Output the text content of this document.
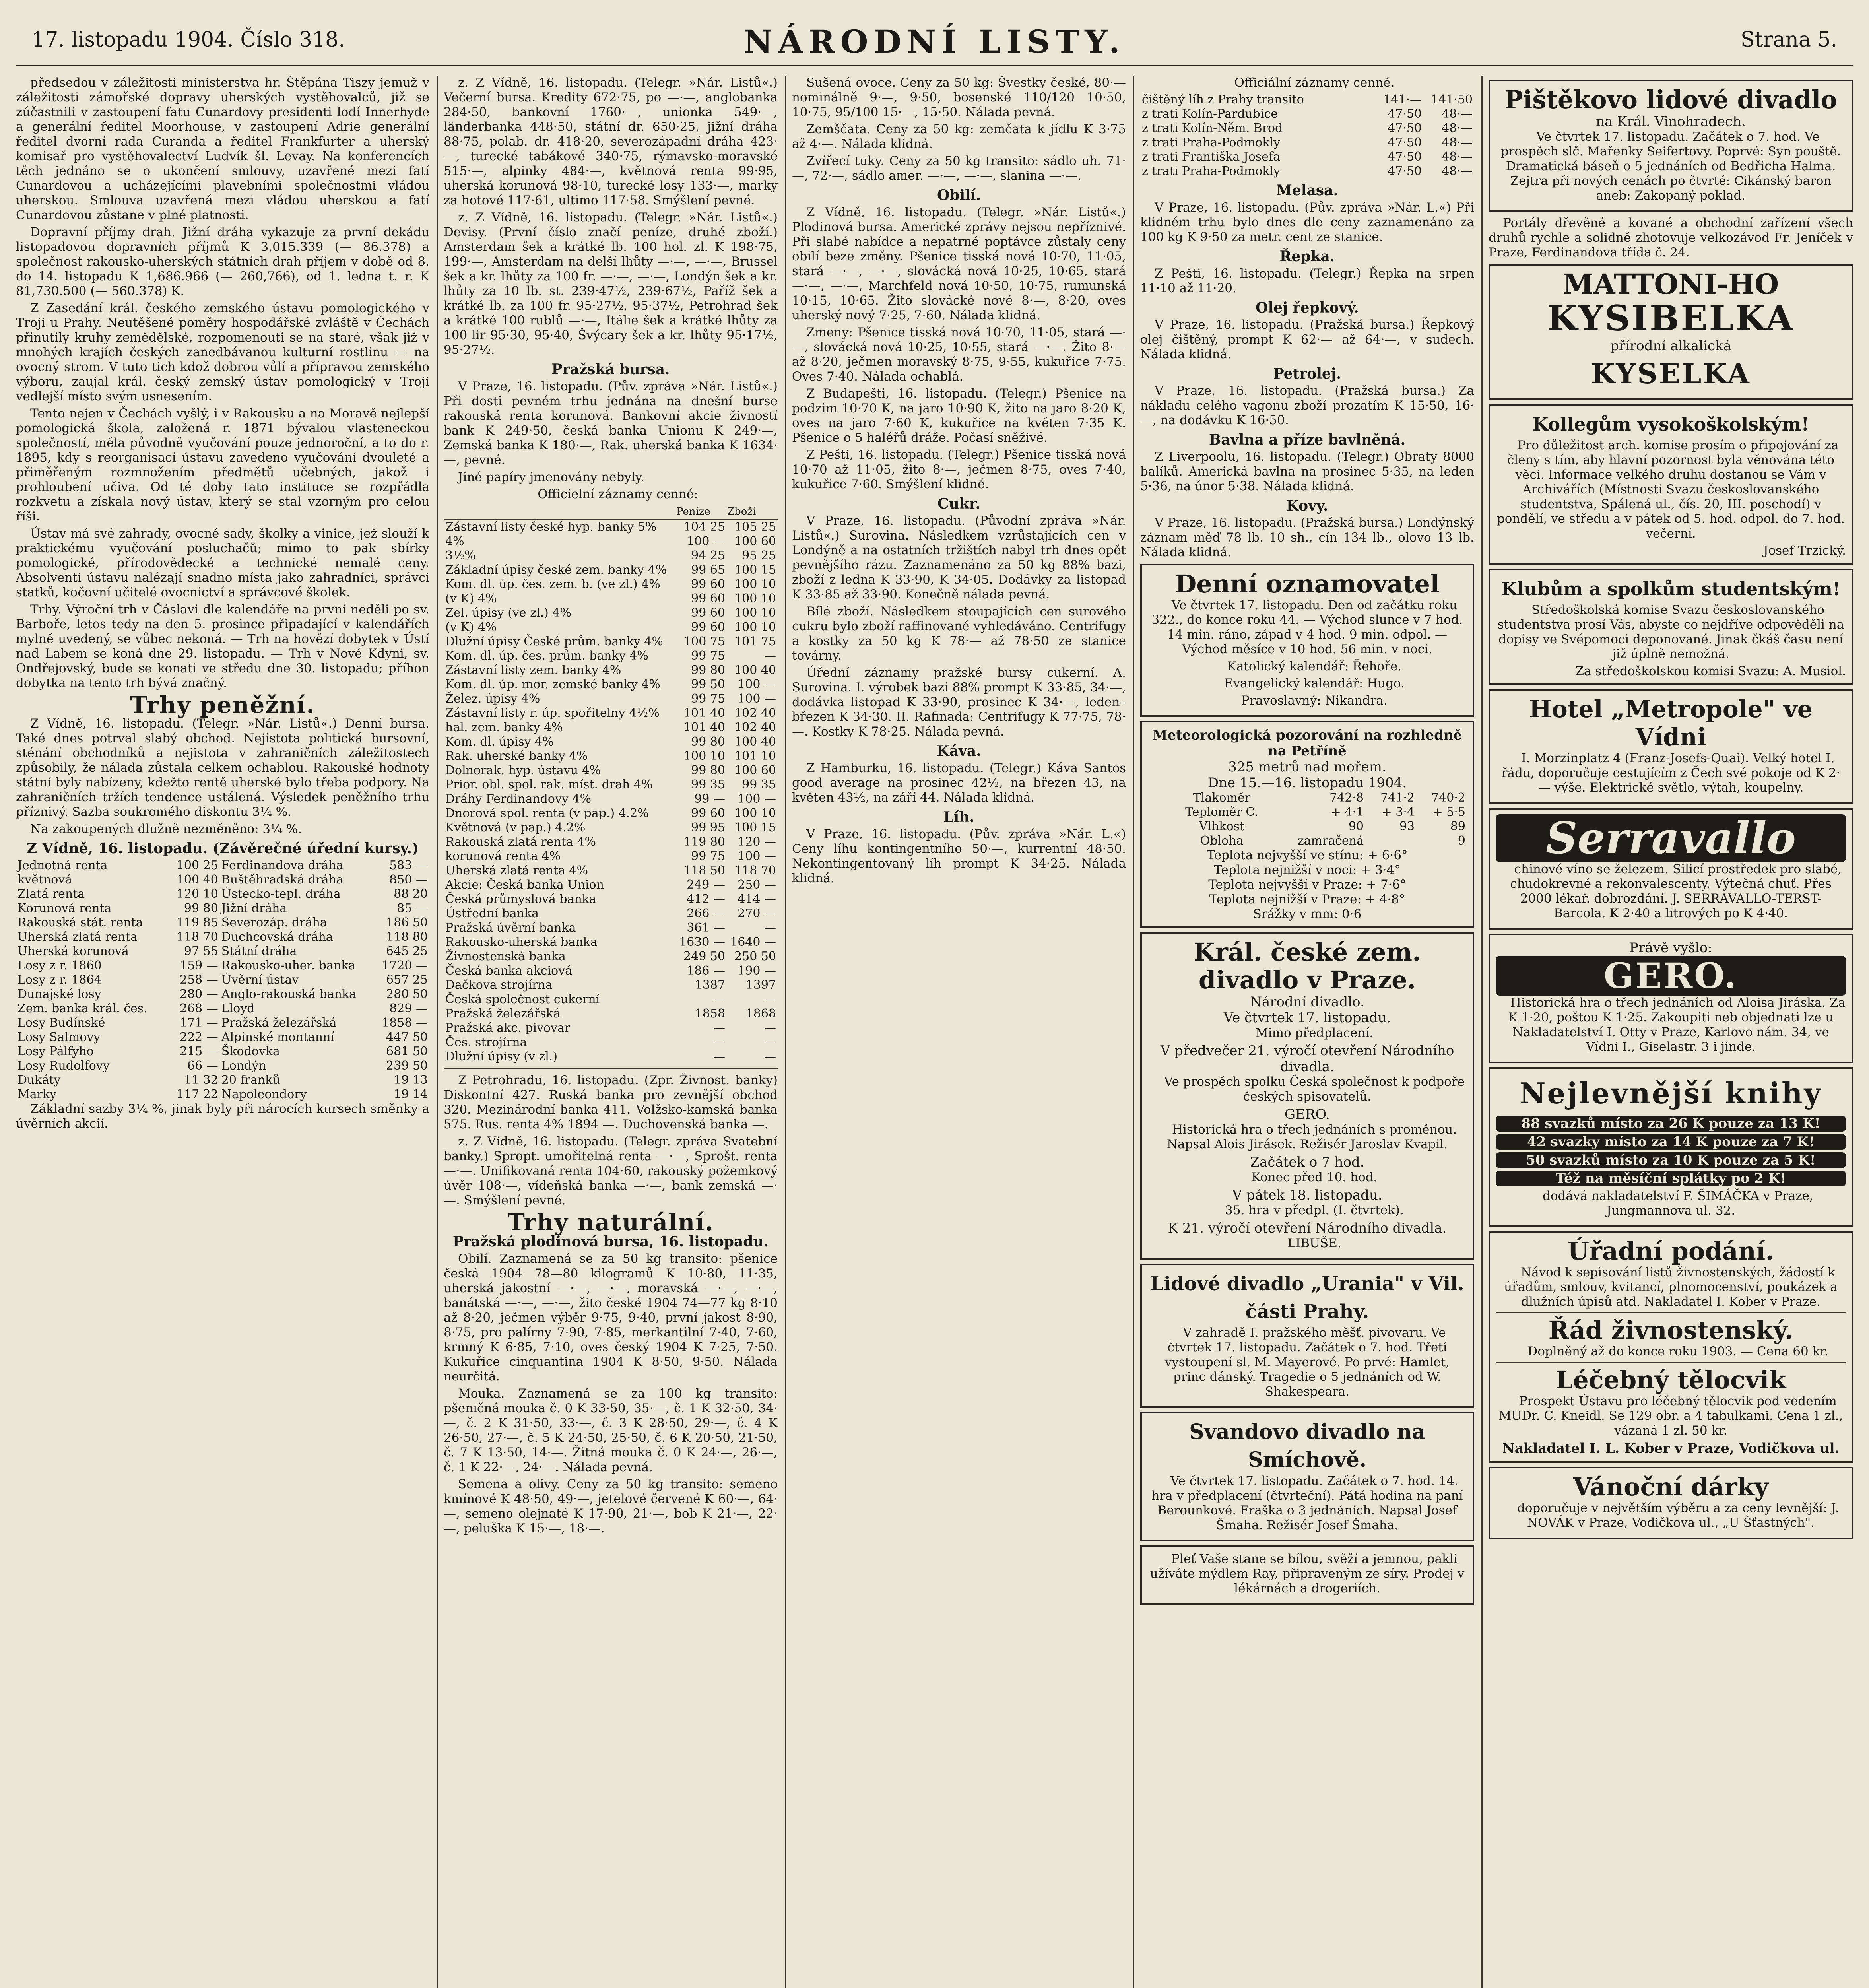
17. listopadu 1904. Číslo 318.	NÁRODNÍ LISTY.	Strana 5.

předsedou v záležitosti ministerstva hr. Štěpána Tiszy jemuž v záležitosti zámořské dopravy uherských vystěhovalců, již se zúčastnili v zastoupení fatu Cunardovy presidenti lodí Innerhyde a generální ředitel Moorhouse, v zastoupení Adrie generální ředitel dvorní rada Curanda a ředitel Frankfurter a uherský komisař pro vystěhovalectví Ludvík šl. Levay. Na konferencích těch jednáno se o ukončení smlouvy, uzavřené mezi fatí Cunardovou a ucházejícími plavebními společnostmi vládou uherskou. Smlouva uzavřená mezi vládou uherskou a fatí Cunardovou zůstane v plné platnosti.

Dopravní příjmy drah. Jižní dráha vykazuje za první dekádu listopadovou dopravních příjmů K 3,015.339 (— 86.378) a společnost rakousko-uherských státních drah příjem v době od 8. do 14. listopadu K 1,686.966 (— 260,766), od 1. ledna t. r. K 81,730.500 (— 560.378) K.

Z Zasedání král. českého zemského ústavu pomologického v Troji u Prahy. Neutěšené poměry hospodářské zvláště v Čechách přinutily kruhy zemědělské, rozpomenouti se na staré, však již v mnohých krajích českých zanedbávanou kulturní rostlinu — na ovocný strom. V tuto tich kdož dobrou vůlí a přípravou zemského výboru, zaujal král. český zemský ústav pomologický v Troji vedlejší místo svým usnesením.

Tento nejen v Čechách vyšlý, i v Rakousku a na Moravě nejlepší pomologická škola, založená r. 1871 bývalou vlasteneckou společností, měla původně vyučování pouze jednoroční, a to do r. 1895, kdy s reorganisací ústavu zavedeno vyučování dvouleté a přiměřeným rozmnožením předmětů učebných, jakož i prohloubení učiva. Od té doby tato instituce se rozpřádla rozkvetu a získala nový ústav, který se stal vzorným pro celou říši.

Ústav má své zahrady, ovocné sady, školky a vinice, jež slouží k praktickému vyučování posluchačů; mimo to pak sbírky pomologické, přírodovědecké a technické nemalé ceny. Absolventi ústavu nalézají snadno místa jako zahradníci, správci statků, kočovní učitelé ovocnictví a správcové školek.

Trhy. Výroční trh v Čáslavi dle kalendáře na první neděli po sv. Barboře, letos tedy na den 5. prosince připadající v kalendářích mylně uvedený, se vůbec nekoná. — Trh na hovězí dobytek v Ústí nad Labem se koná dne 29. listopadu. — Trh v Nové Kdyni, sv. Ondřejovský, bude se konati ve středu dne 30. listopadu; příhon dobytka na tento trh bývá značný.

Trhy peněžní.

Z Vídně, 16. listopadu. (Telegr. »Nár. Listů«.) Denní bursa. Také dnes potrval slabý obchod. Nejistota politická bursovní, sténání obchodníků a nejistota v zahraničních záležitostech způsobily, že nálada zůstala celkem ochablou. Rakouské hodnoty státní byly nabízeny, kdežto rentě uherské bylo třeba podpory. Na zahraničních tržích tendence ustálená. Výsledek peněžního trhu příznivý. Sazba soukromého diskontu 3¼ %.

Na zakoupených dlužně nezměněno: 3¼ %.

Z Vídně, 16. listopadu. (Závěrečné úřední kursy.)
Jednotná renta	100 25	Ferdinandova dráha	583 —
květnová	100 40	Buštěhradská dráha	850 —
Zlatá renta	120 10	Ústecko-tepl. dráha	88 20
Korunová renta	99 80	Jižní dráha	85 —
Rakouská stát. renta	119 85	Severozáp. dráha	186 50
Uherská zlatá renta	118 70	Duchcovská dráha	118 80
Uherská korunová	97 55	Státní dráha	645 25
Losy z r. 1860	159 —	Rakousko-uher. banka	1720 —
Losy z r. 1864	258 —	Úvěrní ústav	657 25
Dunajské losy	280 —	Anglo-rakouská banka	280 50
Zem. banka král. čes.	268 —	Lloyd	829 —
Losy Budínské	171 —	Pražská železářská	1858 —
Losy Salmovy	222 —	Alpinské montanní	447 50
Losy Pálfyho	215 —	Škodovka	681 50
Losy Rudolfovy	66 —	Londýn	239 50
Dukáty	11 32	20 franků	19 13
Marky	117 22	Napoleondory	19 14

Základní sazby 3¼ %, jinak byly při nárocích kursech směnky a úvěrních akcií.

z. Z Vídně, 16. listopadu. (Telegr. »Nár. Listů«.) Večerní bursa. Kredity 672·75, po —·—, anglobanka 284·50, bankovní 1760·—, unionka 549·—, länderbanka 448·50, státní dr. 650·25, jižní dráha 88·75, polab. dr. 418·20, severozápadní dráha 423·—, turecké tabákové 340·75, rýmavsko-moravské 515·—, alpinky 484·—, květnová renta 99·95, uherská korunová 98·10, turecké losy 133·—, marky za hotové 117·61, ultimo 117·58. Smýšlení pevné.

z. Z Vídně, 16. listopadu. (Telegr. »Nár. Listů«.) Devisy. (První číslo značí peníze, druhé zboží.) Amsterdam šek a krátké lb. 100 hol. zl. K 198·75, 199·—, Amsterdam na delší lhůty —·—, —·—, Brussel šek a kr. lhůty za 100 fr. —·—, —·—, Londýn šek a kr. lhůty za 10 lb. st. 239·47½, 239·67½, Paříž šek a krátké lb. za 100 fr. 95·27½, 95·37½, Petrohrad šek a krátké 100 rublů —·—, Itálie šek a krátké lhůty za 100 lir 95·30, 95·40, Švýcary šek a kr. lhůty 95·17½, 95·27½.

Pražská bursa.

V Praze, 16. listopadu. (Pův. zpráva »Nár. Listů«.) Při dosti pevném trhu jednána na dnešní burse rakouská renta korunová. Bankovní akcie živností bank K 249·50, česká banka Unionu K 249·—, Zemská banka K 180·—, Rak. uherská banka K 1634·—, pevné.

Jiné papíry jmenovány nebyly.

Officielní záznamy cenné:

	Peníze	Zboží
Zástavní listy české hyp. banky 5%	104 25	105 25
4%	100 —	100 60
3½%	94 25	95 25
Základní úpisy české zem. banky 4%	99 65	100 15
Kom. dl. úp. čes. zem. b. (ve zl.) 4%	99 60	100 10
(v K) 4%	99 60	100 10
Zel. úpisy (ve zl.) 4%	99 60	100 10
(v K) 4%	99 60	100 10
Dlužní úpisy České prům. banky 4%	100 75	101 75
Kom. dl. úp. čes. prům. banky 4%	99 75	—
Zástavní listy zem. banky 4%	99 80	100 40
Kom. dl. úp. mor. zemské banky 4%	99 50	100 —
Želez. úpisy 4%	99 75	100 —
Zástavní listy r. úp. spořitelny 4½%	101 40	102 40
hal. zem. banky 4%	101 40	102 40
Kom. dl. úpisy 4%	99 80	100 40
Rak. uherské banky 4%	100 10	101 10
Dolnorak. hyp. ústavu 4%	99 80	100 60
Prior. obl. spol. rak. míst. drah 4%	99 35	99 35
Dráhy Ferdinandovy 4%	99 —	100 —
Dnorová spol. renta (v pap.) 4.2%	99 60	100 10
Květnová (v pap.) 4.2%	99 95	100 15
Rakouská zlatá renta 4%	119 80	120 —
korunová renta 4%	99 75	100 —
Uherská zlatá renta 4%	118 50	118 70
Akcie: Česká banka Union	249 —	250 —
Česká průmyslová banka	412 —	414 —
Ústřední banka	266 —	270 —
Pražská úvěrní banka	361 —	—
Rakousko-uherská banka	1630 —	1640 —
Živnostenská banka	249 50	250 50
Česká banka akciová	186 —	190 —
Dačkova strojírna	1387	1397
Česká společnost cukerní	—	—
Pražská železářská	1858	1868
Pražská akc. pivovar	—	—
Čes. strojírna	—	—
Dlužní úpisy (v zl.)	—	—

Z Petrohradu, 16. listopadu. (Zpr. Živnost. banky) Diskontní 427. Ruská banka pro zevnější obchod 320. Mezinárodní banka 411. Volžsko-kamská banka 575. Rus. renta 4% 1894 —. Duchovenská banka —.

z. Z Vídně, 16. listopadu. (Telegr. zpráva Svatební banky.) Spropt. umořitelná renta —·—, Sprošt. renta —·—. Unifikovaná renta 104·60, rakouský požemkový úvěr 108·—, vídeňská banka —·—, bank zemská —·—. Smýšlení pevné.

Trhy naturální.
Pražská plodinová bursa, 16. listopadu.

Obilí. Zaznamená se za 50 kg transito: pšenice česká 1904 78—80 kilogramů K 10·80, 11·35, uherská jakostní —·—, —·—, moravská —·—, —·—, banátská —·—, —·—, žito české 1904 74—77 kg 8·10 až 8·20, ječmen výběr 9·75, 9·40, první jakost 8·90, 8·75, pro palírny 7·90, 7·85, merkantilní 7·40, 7·60, krmný K 6·85, 7·10, oves český 1904 K 7·25, 7·50. Kukuřice cinquantina 1904 K 8·50, 9·50. Nálada neurčitá.

Mouka. Zaznamená se za 100 kg transito: pšeničná mouka č. 0 K 33·50, 35·—, č. 1 K 32·50, 34·—, č. 2 K 31·50, 33·—, č. 3 K 28·50, 29·—, č. 4 K 26·50, 27·—, č. 5 K 24·50, 25·50, č. 6 K 20·50, 21·50, č. 7 K 13·50, 14·—. Žitná mouka č. 0 K 24·—, 26·—, č. 1 K 22·—, 24·—. Nálada pevná.

Semena a olivy. Ceny za 50 kg transito: semeno kmínové K 48·50, 49·—, jetelové červené K 60·—, 64·—, semeno olejnaté K 17·90, 21·—, bob K 21·—, 22·—, peluška K 15·—, 18·—.

Sušená ovoce. Ceny za 50 kg: Švestky české, 80·— nominálně 9·—, 9·50, bosenské 110/120 10·50, 10·75, 95/100 15·—, 15·50. Nálada pevná.

Zemščata. Ceny za 50 kg: zemčata k jídlu K 3·75 až 4·—. Nálada klidná.

Zvířecí tuky. Ceny za 50 kg transito: sádlo uh. 71·—, 72·—, sádlo amer. —·—, —·—, slanina —·—.

Obilí.

Z Vídně, 16. listopadu. (Telegr. »Nár. Listů«.) Plodinová bursa. Americké zprávy nejsou nepříznivé. Při slabé nabídce a nepatrné poptávce zůstaly ceny obilí beze změny. Pšenice tisská nová 10·70, 11·05, stará —·—, —·—, slovácká nová 10·25, 10·65, stará —·—, —·—, Marchfeld nová 10·50, 10·75, rumunská 10·15, 10·65. Žito slovácké nové 8·—, 8·20, oves uherský nový 7·25, 7·60. Nálada klidná.

Zmeny: Pšenice tisská nová 10·70, 11·05, stará —·—, slovácká nová 10·25, 10·55, stará —·—. Žito 8·— až 8·20, ječmen moravský 8·75, 9·55, kukuřice 7·75. Oves 7·40. Nálada ochablá.

Z Budapešti, 16. listopadu. (Telegr.) Pšenice na podzim 10·70 K, na jaro 10·90 K, žito na jaro 8·20 K, oves na jaro 7·60 K, kukuřice na květen 7·35 K. Pšenice o 5 haléřů dráže. Počasí sněživé.

Z Pešti, 16. listopadu. (Telegr.) Pšenice tisská nová 10·70 až 11·05, žito 8·—, ječmen 8·75, oves 7·40, kukuřice 7·60. Smýšlení klidné.

Cukr.

V Praze, 16. listopadu. (Původní zpráva »Nár. Listů«.) Surovina. Následkem vzrůstajících cen v Londýně a na ostatních tržištích nabyl trh dnes opět pevnějšího rázu. Zaznamenáno za 50 kg 88% bazi, zboží z ledna K 33·90, K 34·05. Dodávky za listopad K 33·85 až 33·90. Konečně nálada pevná.

Bílé zboží. Následkem stoupajících cen surového cukru bylo zboží raffinované vyhledáváno. Centrifugy a kostky za 50 kg K 78·— až 78·50 ze stanice továrny.

Úřední záznamy pražské bursy cukerní. A. Surovina. I. výrobek bazi 88% prompt K 33·85, 34·—, dodávka listopad K 33·90, prosinec K 34·—, leden–březen K 34·30. II. Rafinada: Centrifugy K 77·75, 78·—. Kostky K 78·25. Nálada pevná.

Káva.

Z Hamburku, 16. listopadu. (Telegr.) Káva Santos good average na prosinec 42½, na březen 43, na květen 43½, na září 44. Nálada klidná.

Líh.

V Praze, 16. listopadu. (Pův. zpráva »Nár. L.«) Ceny líhu kontingentního 50·—, kurrentní 48·50. Nekontingentovaný líh prompt K 34·25. Nálada klidná.

Officiální záznamy cenné.

čištěný líh z Prahy transito	141·—	141·50
z trati Kolín-Pardubice	47·50	48·—
z trati Kolín-Něm. Brod	47·50	48·—
z trati Praha-Podmokly	47·50	48·—
z trati Františka Josefa	47·50	48·—
z trati Praha-Podmokly	47·50	48·—
Melasa.

V Praze, 16. listopadu. (Pův. zpráva »Nár. L.«) Při klidném trhu bylo dnes dle ceny zaznamenáno za 100 kg K 9·50 za metr. cent ze stanice.

Řepka.

Z Pešti, 16. listopadu. (Telegr.) Řepka na srpen 11·10 až 11·20.

Olej řepkový.

V Praze, 16. listopadu. (Pražská bursa.) Řepkový olej čištěný, prompt K 62·— až 64·—, v sudech. Nálada klidná.

Petrolej.

V Praze, 16. listopadu. (Pražská bursa.) Za nákladu celého vagonu zboží prozatím K 15·50, 16·—, na dodávku K 16·50.

Bavlna a příze bavlněná.

Z Liverpoolu, 16. listopadu. (Telegr.) Obraty 8000 balíků. Americká bavlna na prosinec 5·35, na leden 5·36, na únor 5·38. Nálada klidná.

Kovy.

V Praze, 16. listopadu. (Pražská bursa.) Londýnský záznam měď 78 lb. 10 sh., cín 134 lb., olovo 13 lb. Nálada klidná.

Denní oznamovatel

Ve čtvrtek 17. listopadu. Den od začátku roku 322., do konce roku 44. — Východ slunce v 7 hod. 14 min. ráno, západ v 4 hod. 9 min. odpol. — Východ měsíce v 10 hod. 56 min. v noci.

Katolický kalendář: Řehoře.

Evangelický kalendář: Hugo.

Pravoslavný: Nikandra.

Meteorologická pozorování na rozhledně na Petříně
325 metrů nad mořem.
Dne 15.—16. listopadu 1904.
Tlakoměr	742·8	741·2	740·2
Teploměr C.	+ 4·1	+ 3·4	+ 5·5
Vlhkost	90	93	89
Obloha	zamračená		9
Teplota nejvyšší ve stínu: + 6·6°
Teplota nejnižší v noci: + 3·4°
Teplota nejvyšší v Praze: + 7·6°
Teplota nejnižší v Praze: + 4·8°
Srážky v mm: 0·6
Král. české zem. divadlo v Praze.
Národní divadlo.
Ve čtvrtek 17. listopadu.

Mimo předplacení.

V předvečer 21. výročí otevření Národního divadla.

Ve prospěch spolku Česká společnost k podpoře českých spisovatelů.

GERO.

Historická hra o třech jednáních s proměnou. Napsal Alois Jirásek. Režisér Jaroslav Kvapil.

Začátek o 7 hod.

Konec před 10. hod.

V pátek 18. listopadu.

35. hra v předpl. (I. čtvrtek).

K 21. výročí otevření Národního divadla.

LIBUŠE.

Lidové divadlo „Urania" v Vil. části Prahy.

V zahradě I. pražského měšť. pivovaru. Ve čtvrtek 17. listopadu. Začátek o 7. hod. Třetí vystoupení sl. M. Mayerové. Po prvé: Hamlet, princ dánský. Tragedie o 5 jednáních od W. Shakespeara.

Svandovo divadlo na Smíchově.

Ve čtvrtek 17. listopadu. Začátek o 7. hod. 14. hra v předplacení (čtvrteční). Pátá hodina na paní Berounkové. Fraška o 3 jednáních. Napsal Josef Šmaha. Režisér Josef Šmaha.

Pleť Vaše stane se bílou, svěží a jemnou, pakli užíváte mýdlem Ray, připraveným ze síry. Prodej v lékárnách a drogeriích.

Pištěkovo lidové divadlo
na Král. Vinohradech.

Ve čtvrtek 17. listopadu. Začátek o 7. hod. Ve prospěch slč. Mařenky Seifertovy. Poprvé: Syn pouště. Dramatická báseň o 5 jednáních od Bedřicha Halma. Zejtra při nových cenách po čtvrté: Cikánský baron aneb: Zakopaný poklad.

Portály dřevěné a kované a obchodní zařízení všech druhů rychle a solidně zhotovuje velkozávod Fr. Jeníček v Praze, Ferdinandova třída č. 24.

MATTONI-HO
KYSIBELKA
přírodní alkalická
KYSELKA
Kollegům vysokoškolským!

Pro důležitost arch. komise prosím o připojování za členy s tím, aby hlavní pozornost byla věnována této věci. Informace velkého druhu dostanou se Vám v Archivářích (Místnosti Svazu českoslovanského studentstva, Spálená ul., čís. 20, III. poschodí) v pondělí, ve středu a v pátek od 5. hod. odpol. do 7. hod. večerní.

Josef Trzický.
Klubům a spolkům studentským!

Středoškolská komise Svazu českoslovanského studentstva prosí Vás, abyste co nejdříve odpověděli na dopisy ve Svépomoci deponované. Jinak čkáš času není již úplně nemožná.

Za středoškolskou komisi Svazu: A. Musiol.
Hotel „Metropole" ve Vídni

I. Morzinplatz 4 (Franz-Josefs-Quai). Velký hotel I. řádu, doporučuje cestujícím z Čech své pokoje od K 2·— výše. Elektrické světlo, výtah, koupelny.

Serravallo

chinové víno se železem. Silicí prostředek pro slabé, chudokrevné a rekonvalescenty. Výtečná chuť. Přes 2000 lékař. dobrozdání. J. SERRAVALLO-TERST-Barcola. K 2·40 a litrových po K 4·40.

Právě vyšlo:
GERO.

Historická hra o třech jednáních od Aloisa Jiráska. Za K 1·20, poštou K 1·25. Zakoupiti neb objednati lze u Nakladatelství I. Otty v Praze, Karlovo nám. 34, ve Vídni I., Giselastr. 3 i jinde.

Nejlevnější knihy
88 svazků místo za 26 K pouze za 13 K!
42 svazky místo za 14 K pouze za 7 K!
50 svazků místo za 10 K pouze za 5 K!
Též na měsíční splátky po 2 K!

dodává nakladatelství F. ŠIMÁČKA v Praze, Jungmannova ul. 32.

Úřadní podání.

Návod k sepisování listů živnostenských, žádostí k úřadům, smlouv, kvitancí, plnomocenství, poukázek a dlužních úpisů atd. Nakladatel I. Kober v Praze.

Řád živnostenský.

Doplněný až do konce roku 1903. — Cena 60 kr.

Léčebný tělocvik

Prospekt Ústavu pro léčebný tělocvik pod vedením MUDr. C. Kneidl. Se 129 obr. a 4 tabulkami. Cena 1 zl., vázaná 1 zl. 50 kr.

Nakladatel I. L. Kober v Praze, Vodičkova ul.
Vánoční dárky

doporučuje v největším výběru a za ceny levnější: J. NOVÁK v Praze, Vodičkova ul., „U Šťastných".
